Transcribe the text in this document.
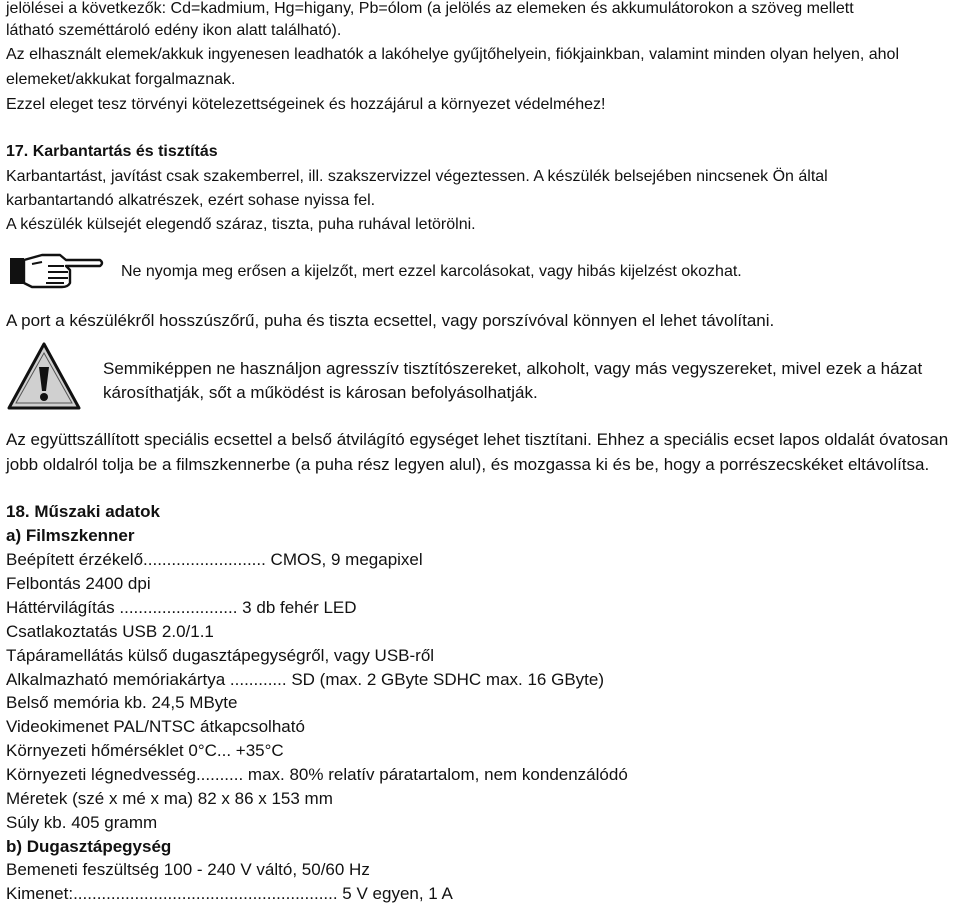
jelölései a következők: Cd=kadmium, Hg=higany, Pb=ólom (a jelölés az elemeken és akkumulátorokon a szöveg mellett
látható szeméttároló edény ikon alatt található).
Az elhasznált elemek/akkuk ingyenesen leadhatók a lakóhelye gyűjtőhelyein, fiókjainkban, valamint minden olyan helyen, ahol
elemeket/akkukat forgalmaznak.
Ezzel eleget tesz törvényi kötelezettségeinek és hozzájárul a környezet védelméhez!
17. Karbantartás és tisztítás
Karbantartást, javítást csak szakemberrel, ill. szakszervizzel végeztessen. A készülék belsejében nincsenek Ön által
karbantartandó alkatrészek, ezért sohase nyissa fel.
A készülék külsejét elegendő száraz, tiszta, puha ruhával letörölni.
Ne nyomja meg erősen a kijelzőt, mert ezzel karcolásokat, vagy hibás kijelzést okozhat.
A port a készülékről hosszúszőrű, puha és tiszta ecsettel, vagy porszívóval könnyen el lehet távolítani.
Semmiképpen ne használjon agresszív tisztítószereket, alkoholt, vagy más vegyszereket, mivel ezek a házat
károsíthatják, sőt a működést is károsan befolyásolhatják.
Az együttszállított speciális ecsettel a belső átvilágító egységet lehet tisztítani. Ehhez a speciális ecset lapos oldalát óvatosan
jobb oldalról tolja be a filmszkennerbe (a puha rész legyen alul), és mozgassa ki és be, hogy a porrészecskéket eltávolítsa.
18. Műszaki adatok
a) Filmszkenner
Beépített érzékelő.......................... CMOS, 9 megapixel
Felbontás 2400 dpi
Háttérvilágítás ......................... 3 db fehér LED
Csatlakoztatás USB 2.0/1.1
Tápáramellátás külső dugasztápegységről, vagy USB-ről
Alkalmazható memóriakártya ............ SD (max. 2 GByte SDHC max. 16 GByte)
Belső memória kb. 24,5 MByte
Videokimenet PAL/NTSC átkapcsolható
Környezeti hőmérséklet 0°C... +35°C
Környezeti légnedvesség.......... max. 80% relatív páratartalom, nem kondenzálódó
Méretek (szé x mé x ma) 82 x 86 x 153 mm
Súly kb. 405 gramm
b) Dugasztápegység
Bemeneti feszültség 100 - 240 V váltó, 50/60 Hz
Kimenet:........................................................ 5 V egyen, 1 A
